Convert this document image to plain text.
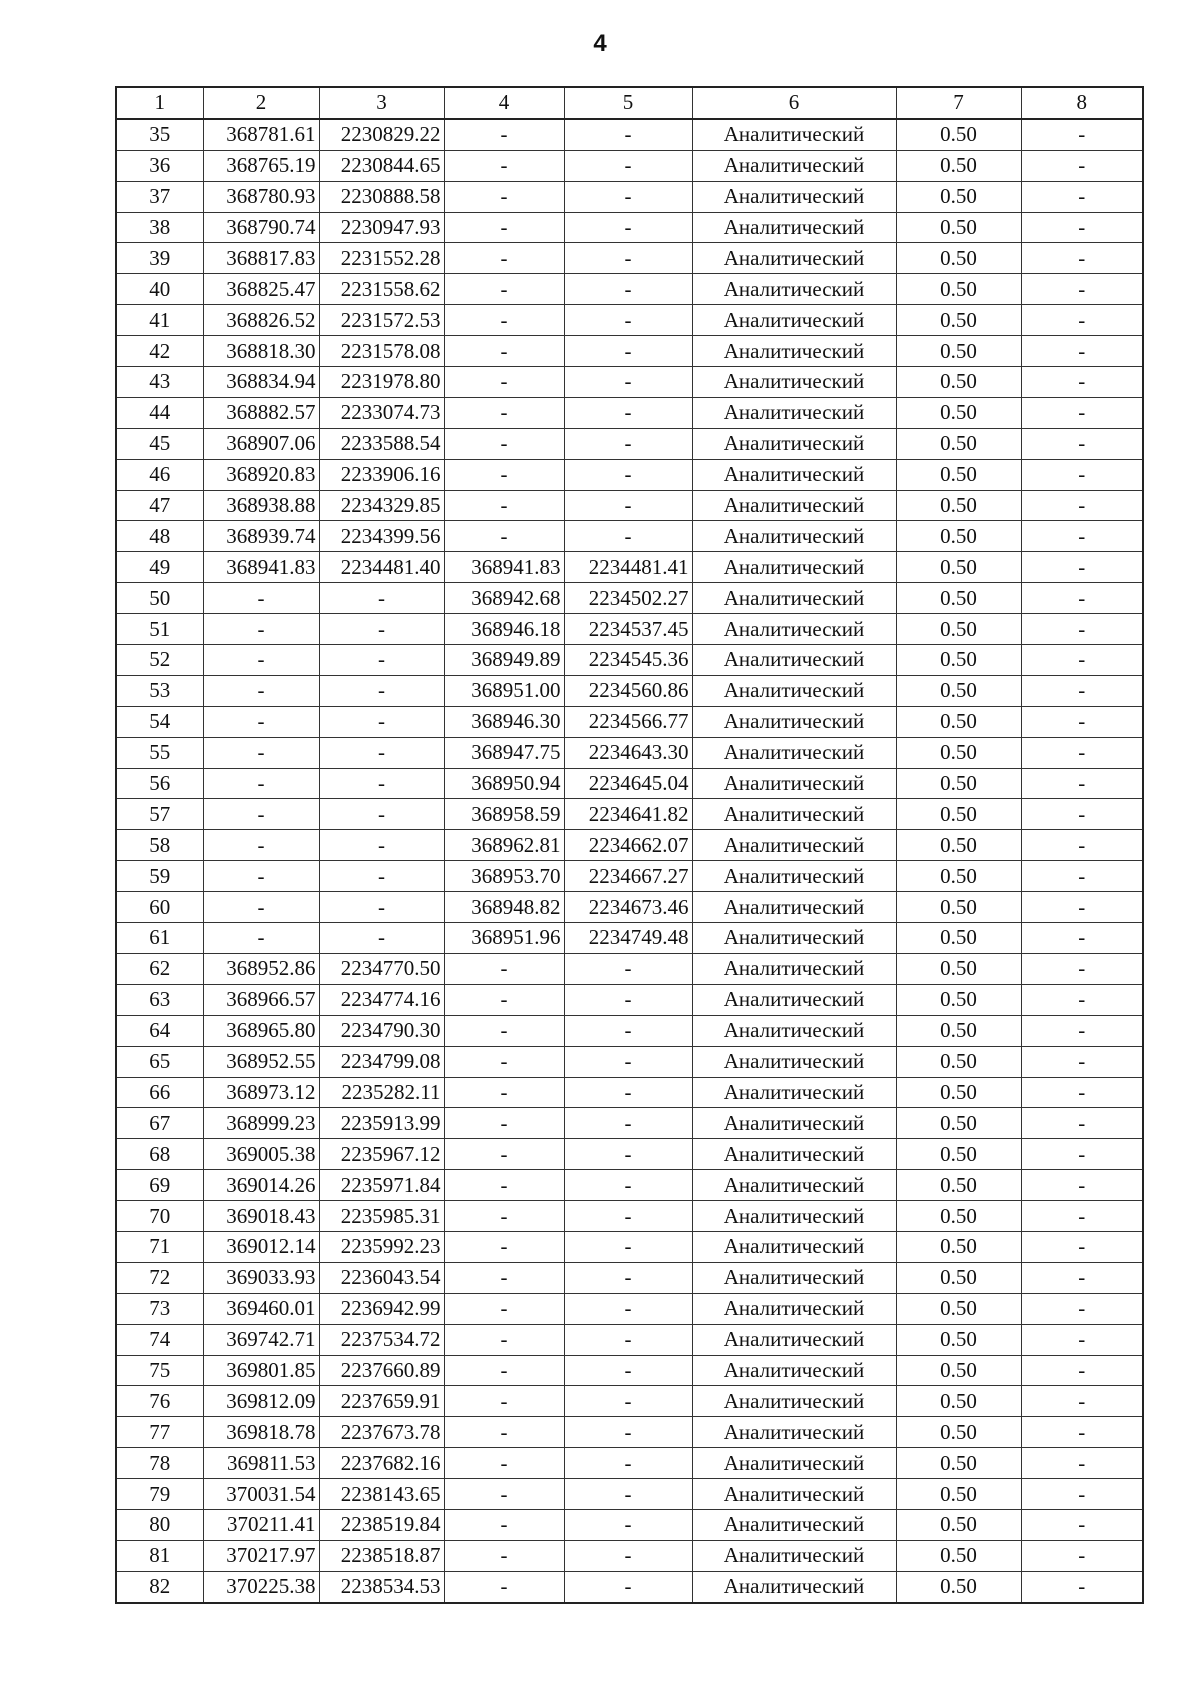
4
1	2	3	4	5	6	7	8
35	368781.61	2230829.22	-	-	Аналитический	0.50	-
36	368765.19	2230844.65	-	-	Аналитический	0.50	-
37	368780.93	2230888.58	-	-	Аналитический	0.50	-
38	368790.74	2230947.93	-	-	Аналитический	0.50	-
39	368817.83	2231552.28	-	-	Аналитический	0.50	-
40	368825.47	2231558.62	-	-	Аналитический	0.50	-
41	368826.52	2231572.53	-	-	Аналитический	0.50	-
42	368818.30	2231578.08	-	-	Аналитический	0.50	-
43	368834.94	2231978.80	-	-	Аналитический	0.50	-
44	368882.57	2233074.73	-	-	Аналитический	0.50	-
45	368907.06	2233588.54	-	-	Аналитический	0.50	-
46	368920.83	2233906.16	-	-	Аналитический	0.50	-
47	368938.88	2234329.85	-	-	Аналитический	0.50	-
48	368939.74	2234399.56	-	-	Аналитический	0.50	-
49	368941.83	2234481.40	368941.83	2234481.41	Аналитический	0.50	-
50	-	-	368942.68	2234502.27	Аналитический	0.50	-
51	-	-	368946.18	2234537.45	Аналитический	0.50	-
52	-	-	368949.89	2234545.36	Аналитический	0.50	-
53	-	-	368951.00	2234560.86	Аналитический	0.50	-
54	-	-	368946.30	2234566.77	Аналитический	0.50	-
55	-	-	368947.75	2234643.30	Аналитический	0.50	-
56	-	-	368950.94	2234645.04	Аналитический	0.50	-
57	-	-	368958.59	2234641.82	Аналитический	0.50	-
58	-	-	368962.81	2234662.07	Аналитический	0.50	-
59	-	-	368953.70	2234667.27	Аналитический	0.50	-
60	-	-	368948.82	2234673.46	Аналитический	0.50	-
61	-	-	368951.96	2234749.48	Аналитический	0.50	-
62	368952.86	2234770.50	-	-	Аналитический	0.50	-
63	368966.57	2234774.16	-	-	Аналитический	0.50	-
64	368965.80	2234790.30	-	-	Аналитический	0.50	-
65	368952.55	2234799.08	-	-	Аналитический	0.50	-
66	368973.12	2235282.11	-	-	Аналитический	0.50	-
67	368999.23	2235913.99	-	-	Аналитический	0.50	-
68	369005.38	2235967.12	-	-	Аналитический	0.50	-
69	369014.26	2235971.84	-	-	Аналитический	0.50	-
70	369018.43	2235985.31	-	-	Аналитический	0.50	-
71	369012.14	2235992.23	-	-	Аналитический	0.50	-
72	369033.93	2236043.54	-	-	Аналитический	0.50	-
73	369460.01	2236942.99	-	-	Аналитический	0.50	-
74	369742.71	2237534.72	-	-	Аналитический	0.50	-
75	369801.85	2237660.89	-	-	Аналитический	0.50	-
76	369812.09	2237659.91	-	-	Аналитический	0.50	-
77	369818.78	2237673.78	-	-	Аналитический	0.50	-
78	369811.53	2237682.16	-	-	Аналитический	0.50	-
79	370031.54	2238143.65	-	-	Аналитический	0.50	-
80	370211.41	2238519.84	-	-	Аналитический	0.50	-
81	370217.97	2238518.87	-	-	Аналитический	0.50	-
82	370225.38	2238534.53	-	-	Аналитический	0.50	-
